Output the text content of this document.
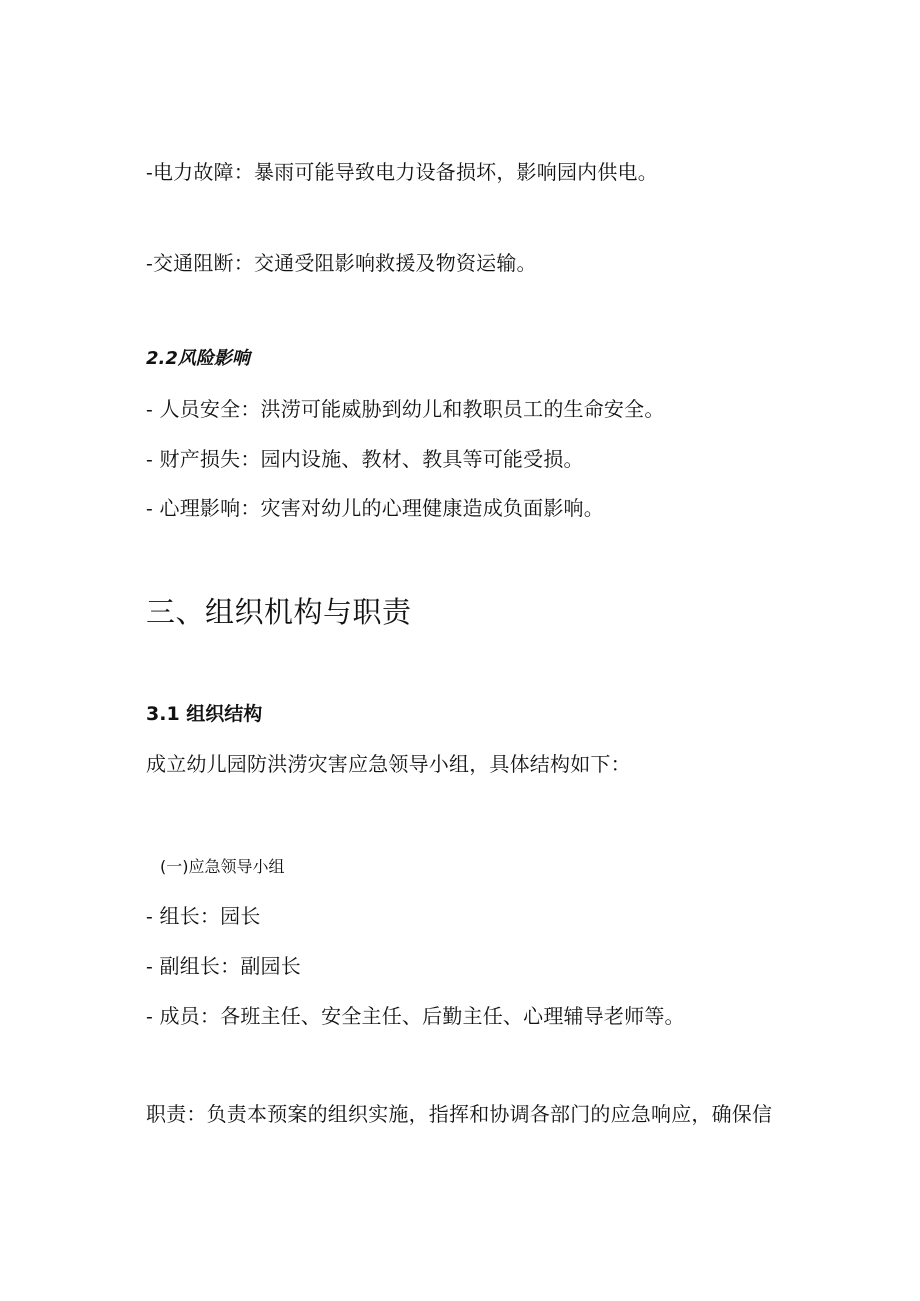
-电力故障：暴雨可能导致电力设备损坏，影响园内供电。
-交通阻断：交通受阻影响救援及物资运输。
2.2风险影响
- 人员安全：洪涝可能威胁到幼儿和教职员工的生命安全。
- 财产损失：园内设施、教材、教具等可能受损。
- 心理影响：灾害对幼儿的心理健康造成负面影响。
三、组织机构与职责
3.1 组织结构
成立幼儿园防洪涝灾害应急领导小组，具体结构如下：
(一)应急领导小组
- 组长：园长
- 副组长：副园长
- 成员：各班主任、安全主任、后勤主任、心理辅导老师等。
职责：负责本预案的组织实施，指挥和协调各部门的应急响应，确保信
